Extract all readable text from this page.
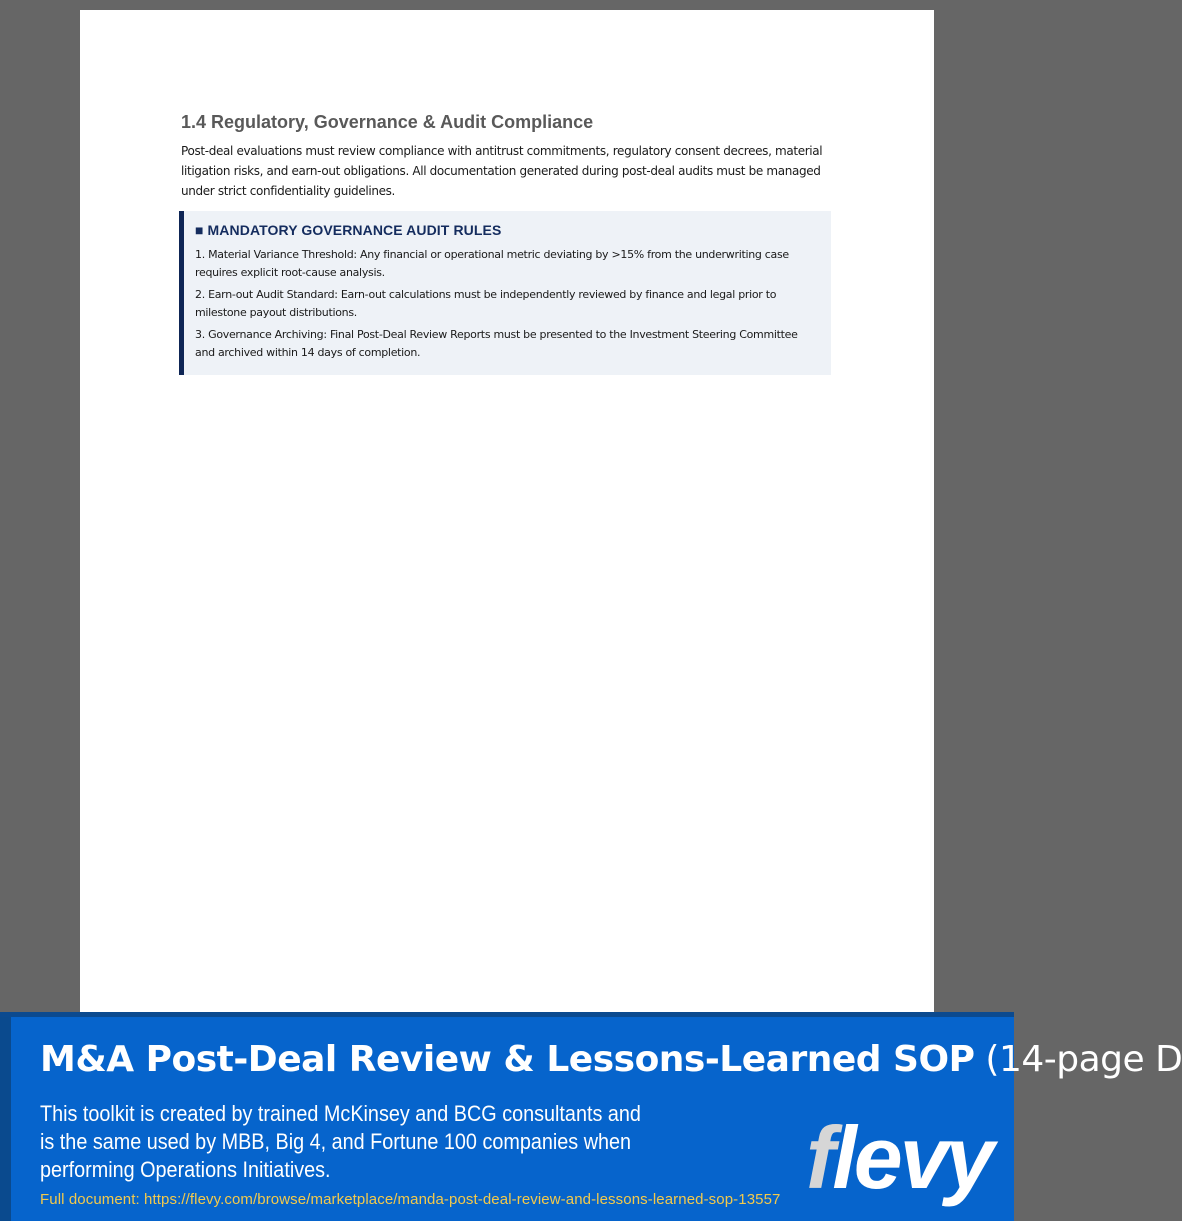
1.4 Regulatory, Governance & Audit Compliance

Post-deal evaluations must review compliance with antitrust commitments, regulatory consent decrees, material litigation risks, and earn-out obligations. All documentation generated during post-deal audits must be managed under strict confidentiality guidelines.

■ MANDATORY GOVERNANCE AUDIT RULES

1. Material Variance Threshold: Any financial or operational metric deviating by >15% from the underwriting case requires explicit root-cause analysis.

2. Earn-out Audit Standard: Earn-out calculations must be independently reviewed by finance and legal prior to milestone payout distributions.

3. Governance Archiving: Final Post-Deal Review Reports must be presented to the Investment Steering Committee and archived within 14 days of completion.

M&A Post-Deal Review & Lessons-Learned SOP (14-page D

This toolkit is created by trained McKinsey and BCG consultants and is the same used by MBB, Big 4, and Fortune 100 companies when performing Operations Initiatives.

Full document: https://flevy.com/browse/marketplace/manda-post-deal-review-and-lessons-learned-sop-13557 flevy
